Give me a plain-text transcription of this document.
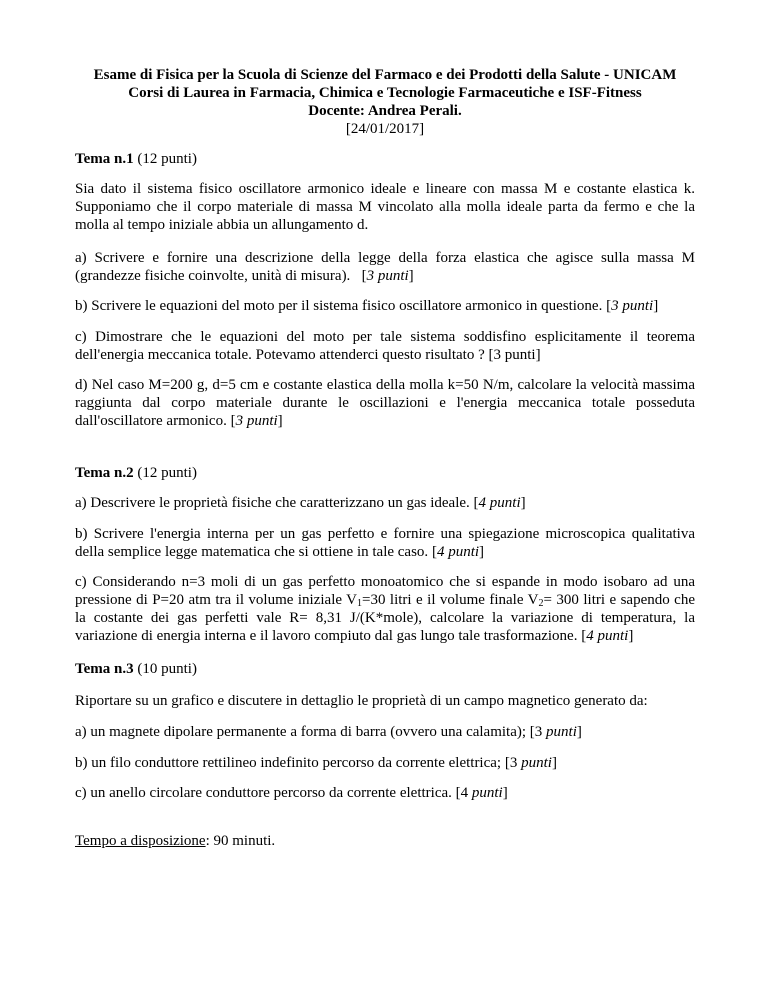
Esame di Fisica per la Scuola di Scienze del Farmaco e dei Prodotti della Salute - UNICAM
Corsi di Laurea in Farmacia, Chimica e Tecnologie Farmaceutiche e ISF-Fitness
Docente: Andrea Perali.
[24/01/2017]

Tema n.1 (12 punti)

Sia dato il sistema fisico oscillatore armonico ideale e lineare con massa M e costante elastica k. Supponiamo che il corpo materiale di massa M vincolato alla molla ideale parta da fermo e che la molla al tempo iniziale abbia un allungamento d.

a) Scrivere e fornire una descrizione della legge della forza elastica che agisce sulla massa M (grandezze fisiche coinvolte, unità di misura).   [3 punti]

b) Scrivere le equazioni del moto per il sistema fisico oscillatore armonico in questione. [3 punti]

c) Dimostrare che le equazioni del moto per tale sistema soddisfino esplicitamente il teorema dell'energia meccanica totale. Potevamo attenderci questo risultato ? [3 punti]

d) Nel caso M=200 g, d=5 cm e costante elastica della molla k=50 N/m, calcolare la velocità massima raggiunta dal corpo materiale durante le oscillazioni e l'energia meccanica totale posseduta dall'oscillatore armonico. [3 punti]

Tema n.2 (12 punti)

a) Descrivere le proprietà fisiche che caratterizzano un gas ideale. [4 punti]

b) Scrivere l'energia interna per un gas perfetto e fornire una spiegazione microscopica qualitativa della semplice legge matematica che si ottiene in tale caso. [4 punti]

c) Considerando n=3 moli di un gas perfetto monoatomico che si espande in modo isobaro ad una pressione di P=20 atm tra il volume iniziale $V_1=30$ litri e il volume finale $V_2= 300$ litri e sapendo che la costante dei gas perfetti vale R= 8,31 J/(K*mole), calcolare la variazione di temperatura, la variazione di energia interna e il lavoro compiuto dal gas lungo tale trasformazione. [4 punti]

Tema n.3 (10 punti)

Riportare su un grafico e discutere in dettaglio le proprietà di un campo magnetico generato da:

a) un magnete dipolare permanente a forma di barra (ovvero una calamita); [3 punti]

b) un filo conduttore rettilineo indefinito percorso da corrente elettrica; [3 punti]

c) un anello circolare conduttore percorso da corrente elettrica. [4 punti]

Tempo a disposizione: 90 minuti.
